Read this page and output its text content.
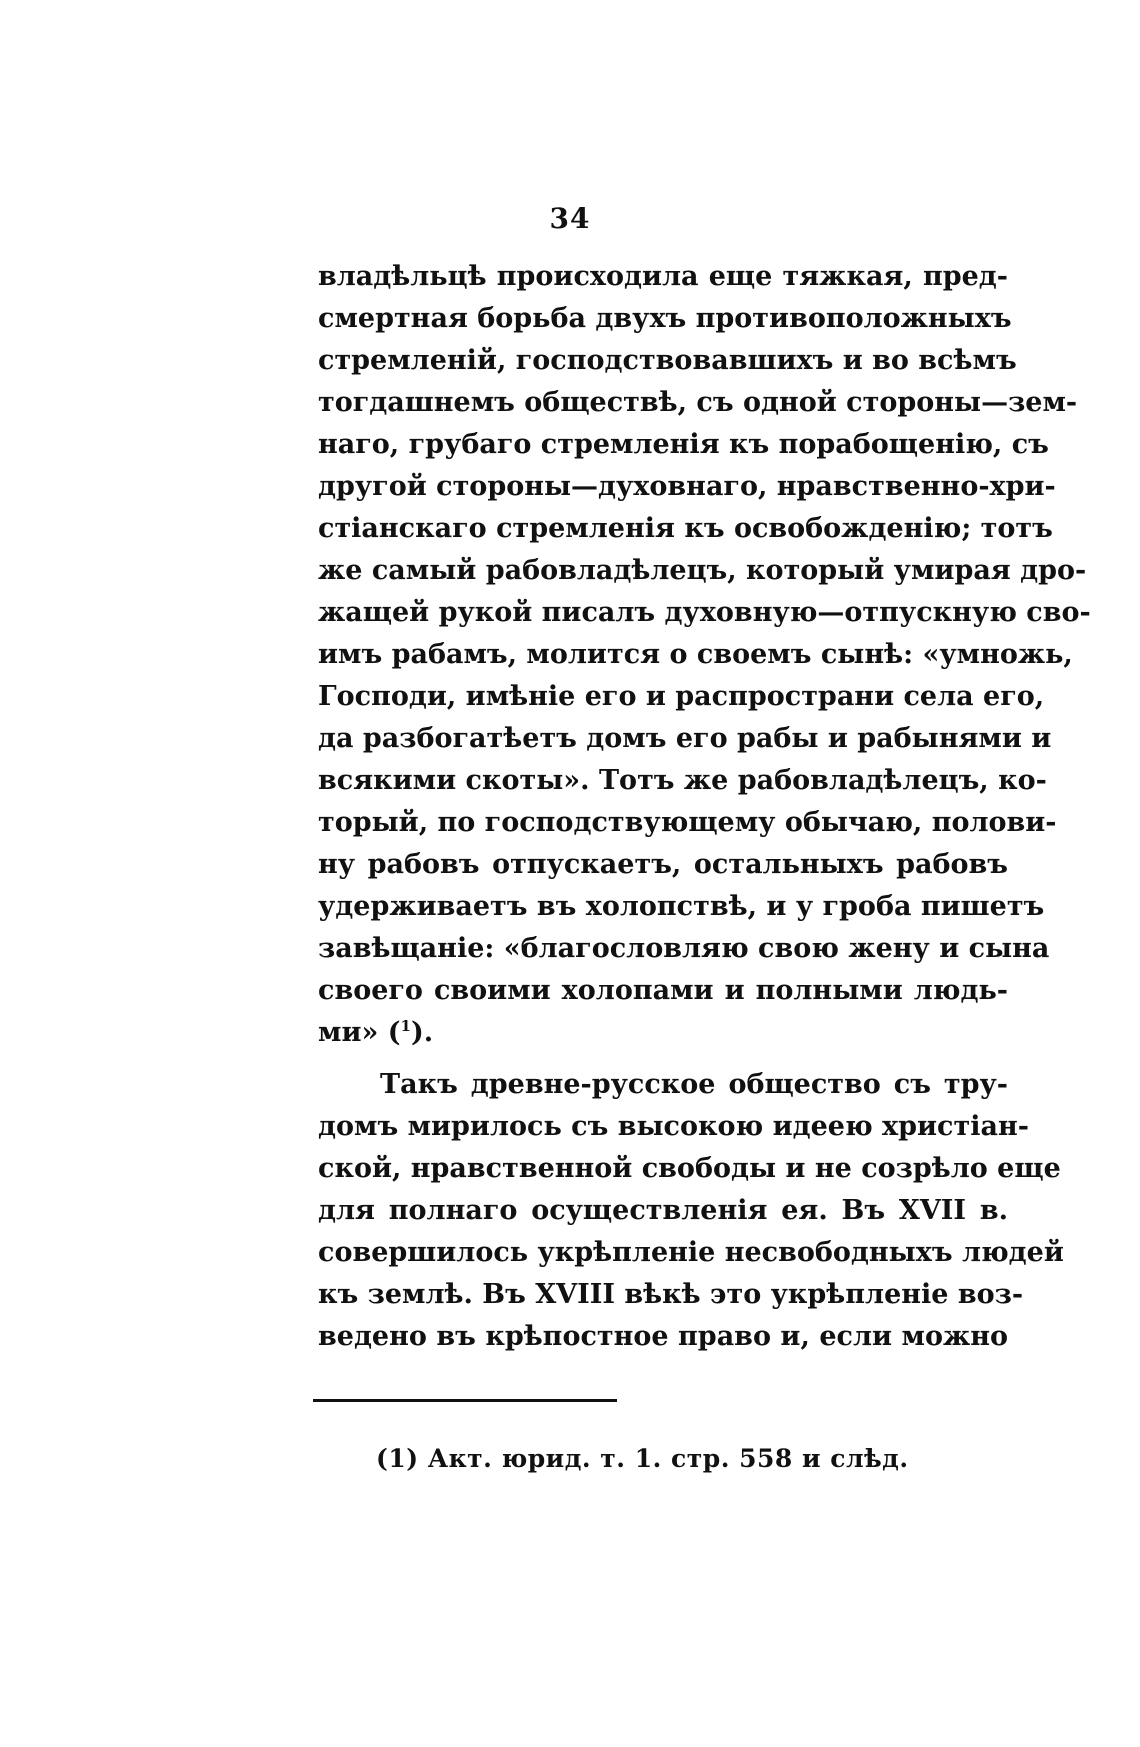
34
владѣльцѣ происходила еще тяжкая, пред-
смертная борьба двухъ противоположныхъ
стремленій, господствовавшихъ и во всѣмъ
тогдашнемъ обществѣ, съ одной стороны—зем-
наго, грубаго стремленія къ порабощенію, съ
другой стороны—духовнаго, нравственно-хри-
стіанскаго стремленія къ освобожденію; тотъ
же самый рабовладѣлецъ, который умирая дро-
жащей рукой писалъ духовную—отпускную сво-
имъ рабамъ, молится о своемъ сынѣ: «умножь,
Господи, имѣніе его и распространи села его,
да разбогатѣетъ домъ его рабы и рабынями и
всякими скоты». Тотъ же рабовладѣлецъ, ко-
торый, по господствующему обычаю, полови-
ну рабовъ отпускаетъ, остальныхъ рабовъ
удерживаетъ въ холопствѣ, и у гроба пишетъ
завѣщаніе: «благословляю свою жену и сына
своего своими холопами и полными людь-
ми» ($^1$).
Такъ древне-русское общество съ тру-
домъ мирилось съ высокою идеею христіан-
ской, нравственной свободы и не созрѣло еще
для полнаго осуществленія ея. Въ XVII в.
совершилось укрѣпленіе несвободныхъ людей
къ землѣ. Въ XVIII вѣкѣ это укрѣпленіе воз-
ведено въ крѣпостное право и, если можно
(1) Акт. юрид. т. 1. стр. 558 и слѣд.
